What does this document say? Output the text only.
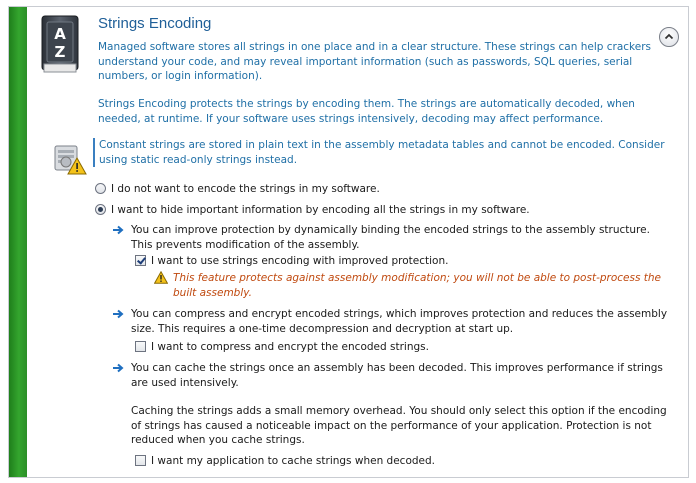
A
Z
Strings Encoding
Managed software stores all strings in one place and in a clear structure. These strings can help crackers understand your code, and may reveal important information (such as passwords, SQL queries, serial numbers, or login information).
Strings Encoding protects the strings by encoding them. The strings are automatically decoded, when needed, at runtime. If your software uses strings intensively, decoding may affect performance.
Constant strings are stored in plain text in the assembly metadata tables and cannot be encoded. Consider using static read-only strings instead.
I do not want to encode the strings in my software.
I want to hide important information by encoding all the strings in my software.
You can improve protection by dynamically binding the encoded strings to the assembly structure. This prevents modification of the assembly.
I want to use strings encoding with improved protection.
This feature protects against assembly modification; you will not be able to post-process the built assembly.
You can compress and encrypt encoded strings, which improves protection and reduces the assembly size. This requires a one-time decompression and decryption at start up.
I want to compress and encrypt the encoded strings.
You can cache the strings once an assembly has been decoded. This improves performance if strings are used intensively.
Caching the strings adds a small memory overhead. You should only select this option if the encoding of strings has caused a noticeable impact on the performance of your application. Protection is not reduced when you cache strings.
I want my application to cache strings when decoded.
